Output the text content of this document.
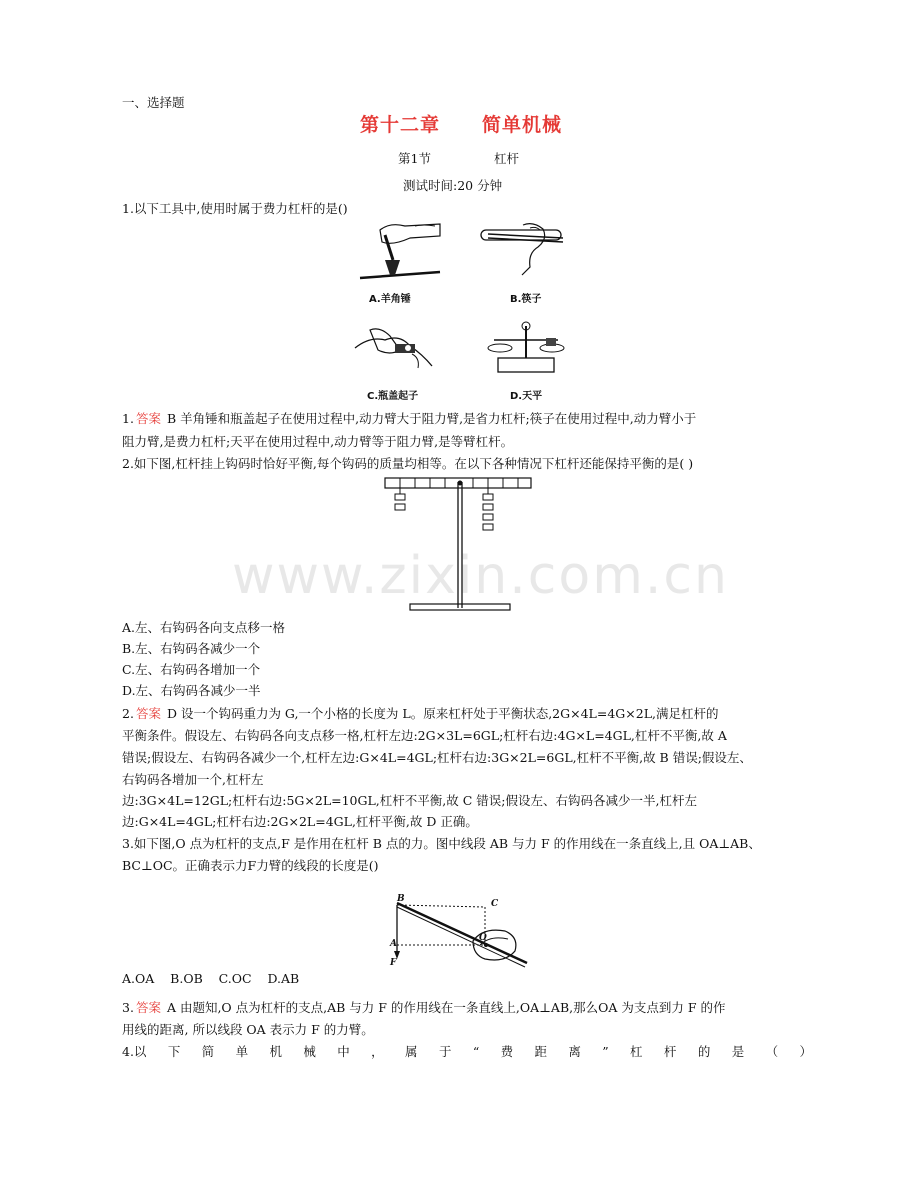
一、选择题
第十二章 简单机械
第1节	杠杆
测试时间:20 分钟
www.zixin.com.cn
1.以下工具中,使用时属于费力杠杆的是()
A.羊角锤	B.筷子
C.瓶盖起子	D.天平
1. 答案 B 羊角锤和瓶盖起子在使用过程中,动力臂大于阻力臂,是省力杠杆;筷子在使用过程中,动力臂小于
阻力臂,是费力杠杆;天平在使用过程中,动力臂等于阻力臂,是等臂杠杆。
2.如下图,杠杆挂上钩码时恰好平衡,每个钩码的质量均相等。在以下各种情况下杠杆还能保持平衡的是( )
A.左、右钩码各向支点移一格
B.左、右钩码各减少一个
C.左、右钩码各增加一个
D.左、右钩码各减少一半
2. 答案 D 设一个钩码重力为 G,一个小格的长度为 L。原来杠杆处于平衡状态,2G×4L=4G×2L,满足杠杆的
平衡条件。假设左、右钩码各向支点移一格,杠杆左边:2G×3L=6GL;杠杆右边:4G×L=4GL,杠杆不平衡,故 A
错误;假设左、右钩码各减少一个,杠杆左边:G×4L=4GL;杠杆右边:3G×2L=6GL,杠杆不平衡,故 B 错误;假设左、
右钩码各增加一个,杠杆左
边:3G×4L=12GL;杠杆右边:5G×2L=10GL,杠杆不平衡,故 C 错误;假设左、右钩码各减少一半,杠杆左
边:G×4L=4GL;杠杆右边:2G×2L=4GL,杠杆平衡,故 D 正确。
3.如下图,O 点为杠杆的支点,F 是作用在杠杆 B 点的力。图中线段 AB 与力 F 的作用线在一条直线上,且 OA⊥AB、
BC⊥OC。正确表示力F力臂的线段的长度是()
B	C
O
A
F
A.OA    B.OB    C.OC    D.AB
3. 答案 A 由题知,O 点为杠杆的支点,AB 与力 F 的作用线在一条直线上,OA⊥AB,那么OA 为支点到力 F 的作
用线的距离, 所以线段 OA 表示力 F 的力臂。
4.以 下 简 单 机 械 中 ， 属 于 “ 费 距 离 ” 杠 杆 的 是 （ ）
